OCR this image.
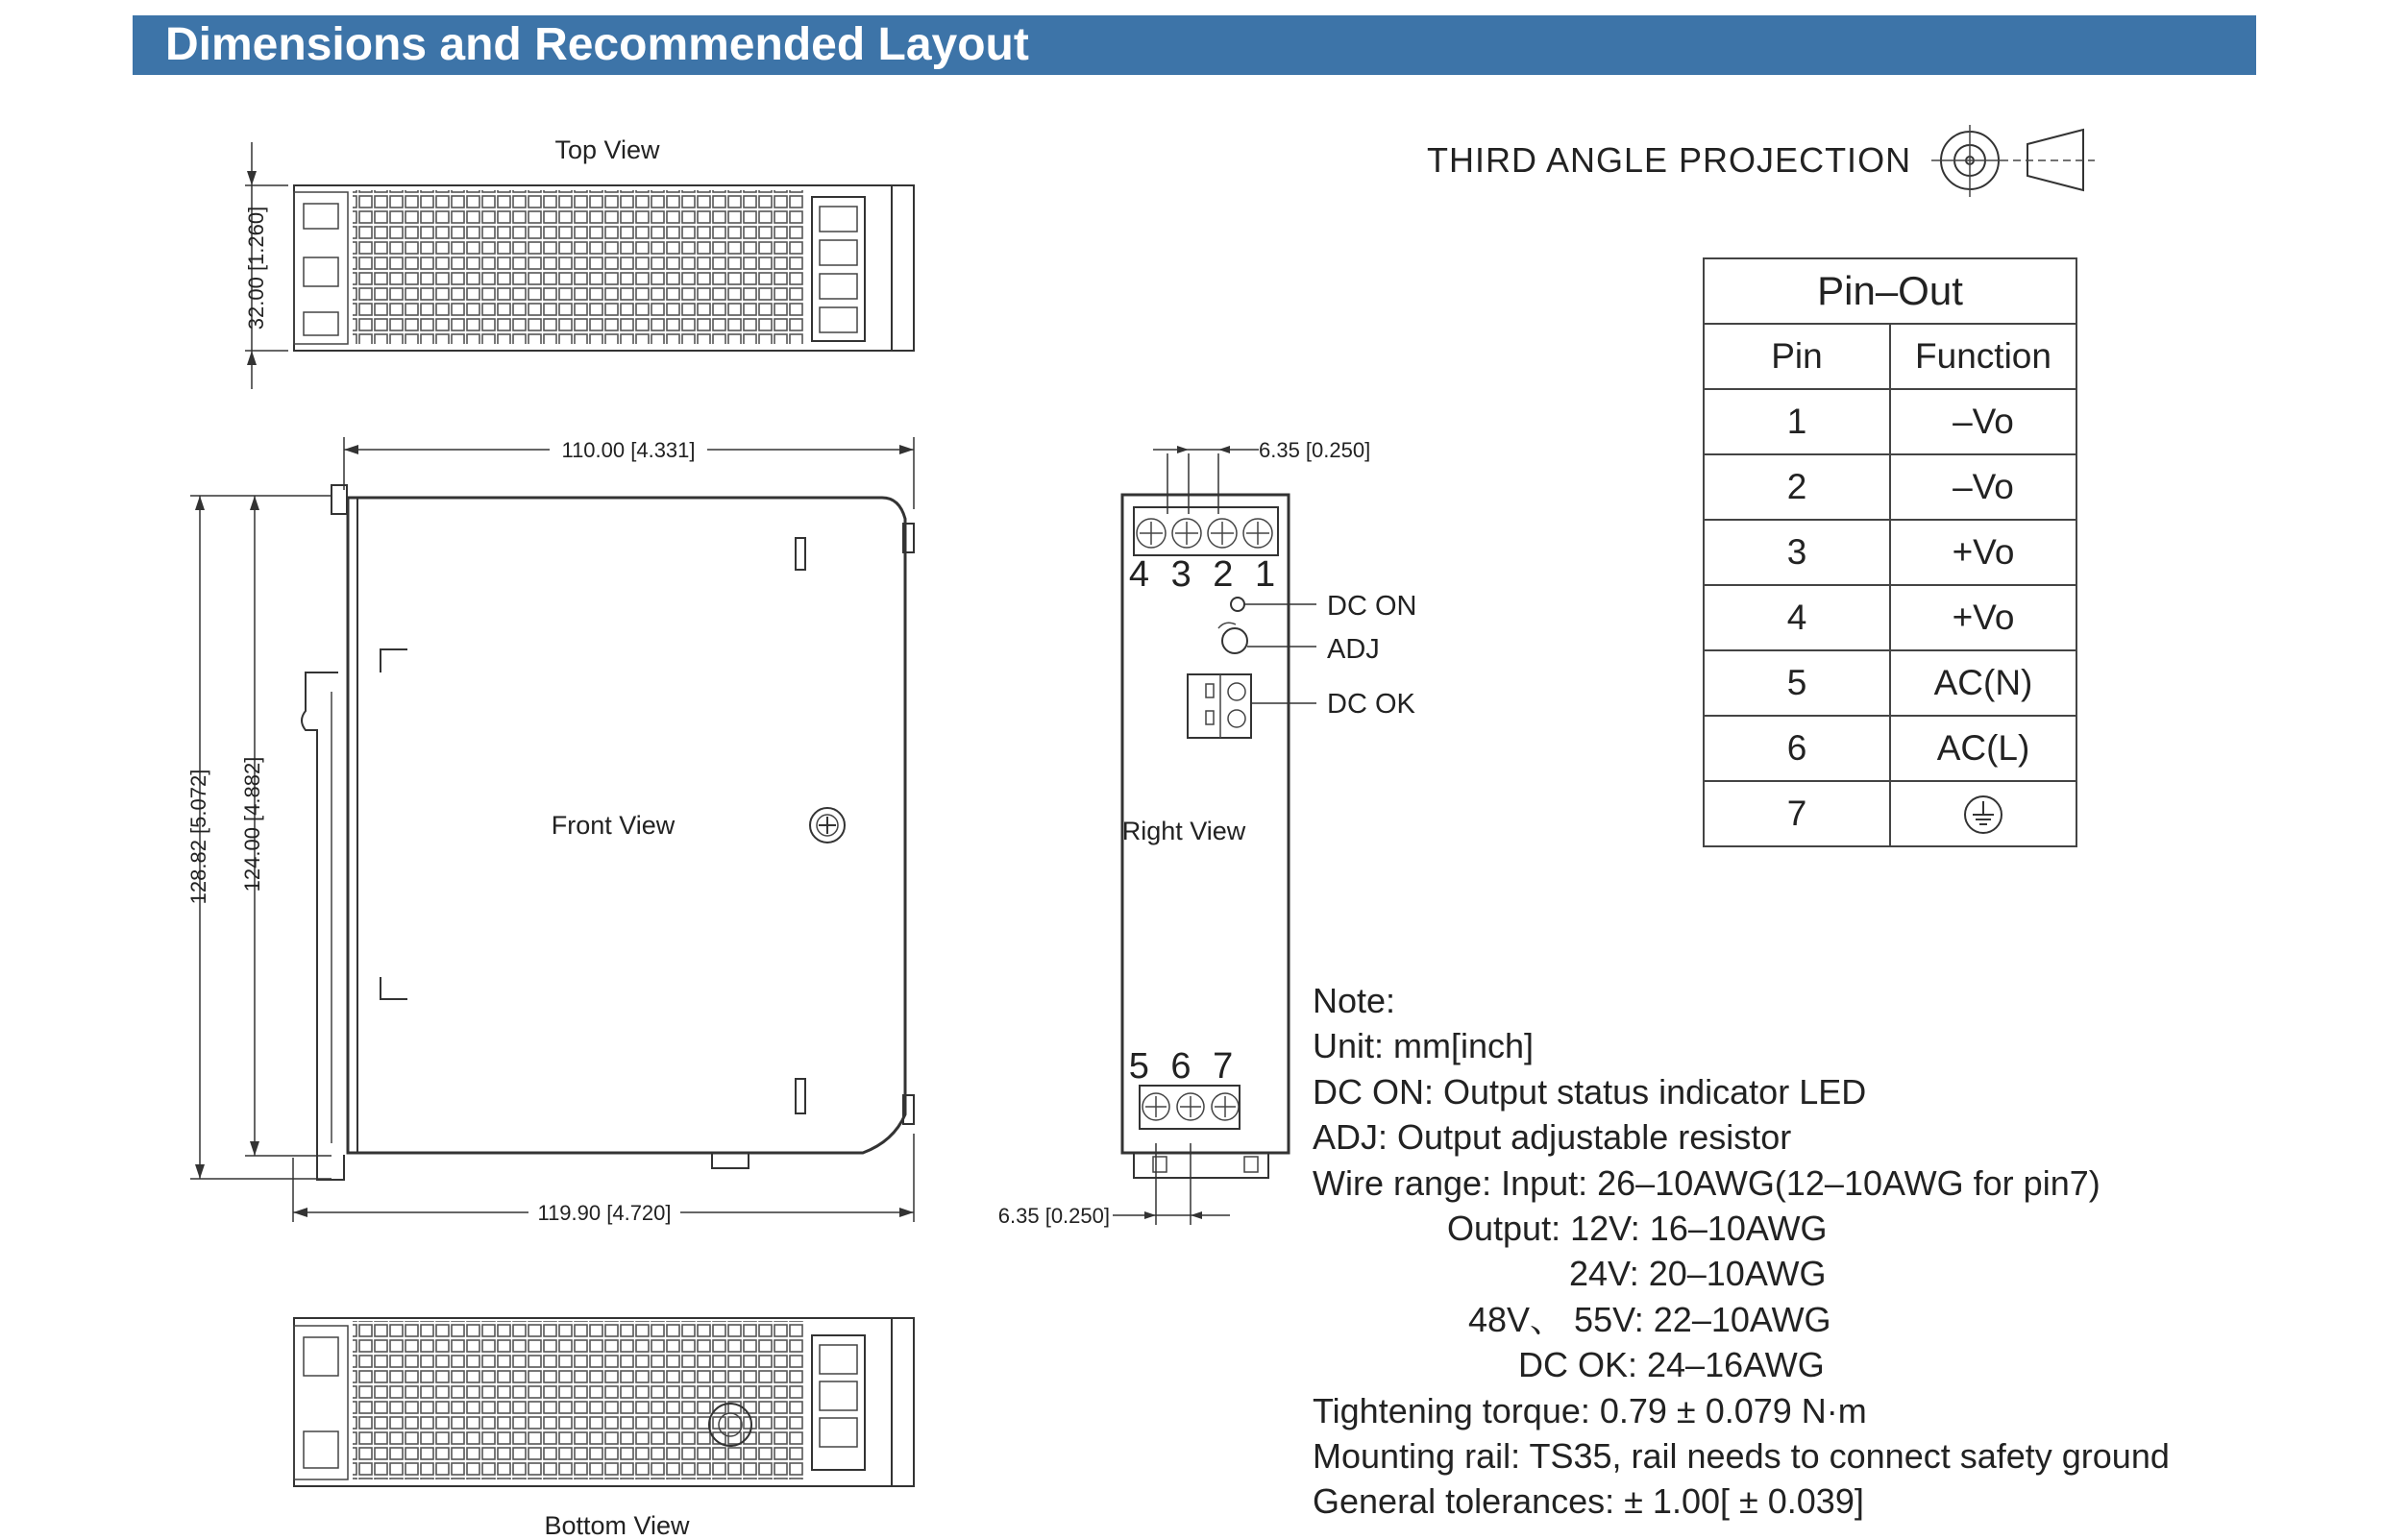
Dimensions and Recommended Layout
THIRD ANGLE PROJECTION
Top View
32.00 [1.260]
110.00 [4.331]
128.82 [5.072] 124.00 [4.882]	Front View
119.90 [4.720]
Bottom View
6.35 [0.250]
4 3 2 1
DC ON
ADJ
DC OK
Right View
5 6 7
6.35 [0.250]
Pin–Out	
Pin	Function
1	–Vo
2	–Vo
3	+Vo
4	+Vo
5	AC(N)
6	AC(L)
7	
Note:
Unit: mm[inch]
DC ON: Output status indicator LED
ADJ: Output adjustable resistor
Wire range: Input: 26–10AWG(12–10AWG for pin7)
Output: 12V: 16–10AWG
24V: 20–10AWG
48V、 55V: 22–10AWG
DC OK: 24–16AWG
Tightening torque: 0.79 ± 0.079 N·m
Mounting rail: TS35, rail needs to connect safety ground
General tolerances: ± 1.00[ ± 0.039]
